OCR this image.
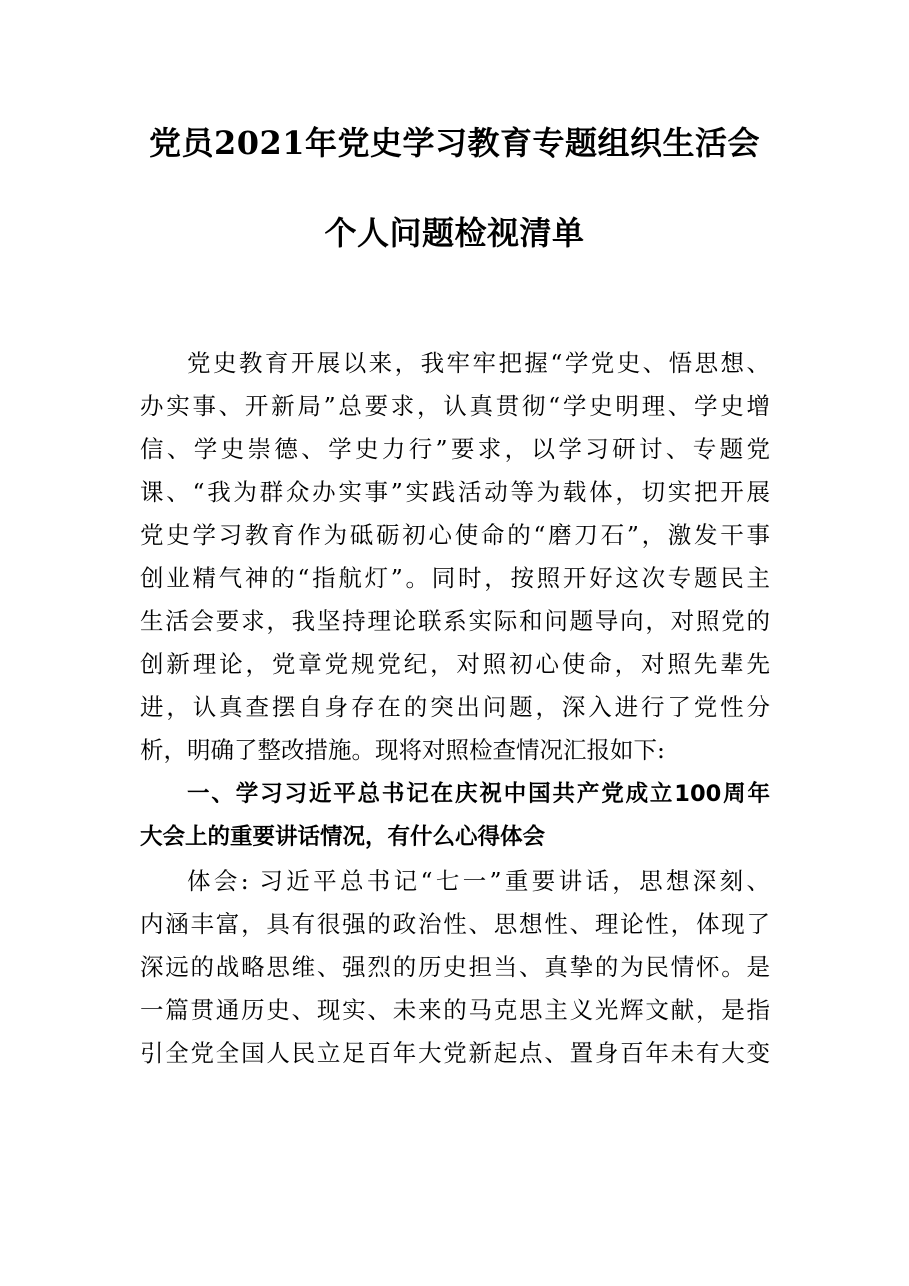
党员2021年党史学习教育专题组织生活会
个人问题检视清单
党史教育开展以来，我牢牢把握“学党史、悟思想、
办实事、开新局”总要求，认真贯彻“学史明理、学史增
信、学史崇德、学史力行”要求，以学习研讨、专题党
课、“我为群众办实事”实践活动等为载体，切实把开展
党史学习教育作为砥砺初心使命的“磨刀石”，激发干事
创业精气神的“指航灯”。同时，按照开好这次专题民主
生活会要求，我坚持理论联系实际和问题导向，对照党的
创新理论，党章党规党纪，对照初心使命，对照先辈先
进，认真查摆自身存在的突出问题，深入进行了党性分
析，明确了整改措施。现将对照检查情况汇报如下:
一、学习习近平总书记在庆祝中国共产党成立100周年
大会上的重要讲话情况，有什么心得体会
体会: 习近平总书记“七一”重要讲话，思想深刻、
内涵丰富，具有很强的政治性、思想性、理论性，体现了
深远的战略思维、强烈的历史担当、真挚的为民情怀。是
一篇贯通历史、现实、未来的马克思主义光辉文献，是指
引全党全国人民立足百年大党新起点、置身百年未有大变
